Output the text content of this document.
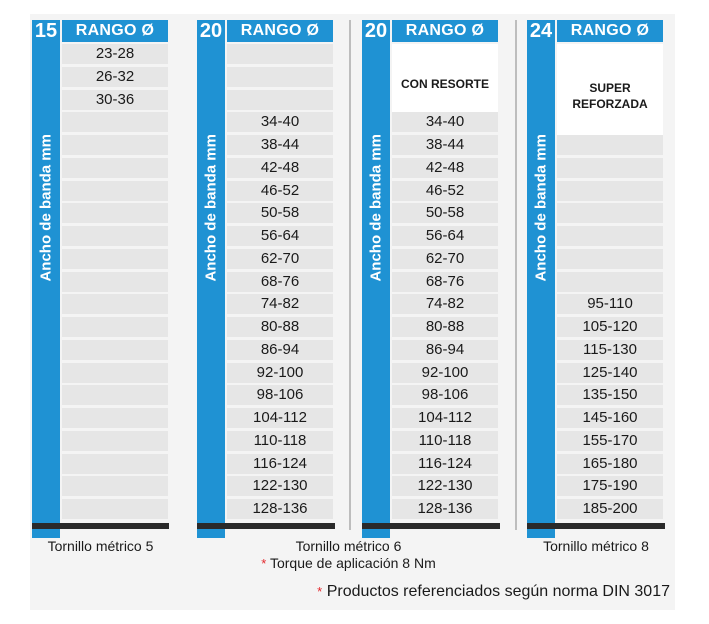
15
Ancho de banda mm
RANGO Ø
23-28
26-32
30-36
20
Ancho de banda mm
RANGO Ø
34-40
38-44
42-48
46-52
50-58
56-64
62-70
68-76
74-82
80-88
86-94
92-100
98-106
104-112
110-118
116-124
122-130
128-136
20
Ancho de banda mm
RANGO Ø
CON RESORTE
34-40
38-44
42-48
46-52
50-58
56-64
62-70
68-76
74-82
80-88
86-94
92-100
98-106
104-112
110-118
116-124
122-130
128-136
24
Ancho de banda mm
RANGO Ø
SUPER REFORZADA
95-110
105-120
115-130
125-140
135-150
145-160
155-170
165-180
175-190
185-200
Tornillo métrico 5	Tornillo métrico 6
* Torque de aplicación 8 Nm
Tornillo métrico 8
* Productos referenciados según norma DIN 3017
